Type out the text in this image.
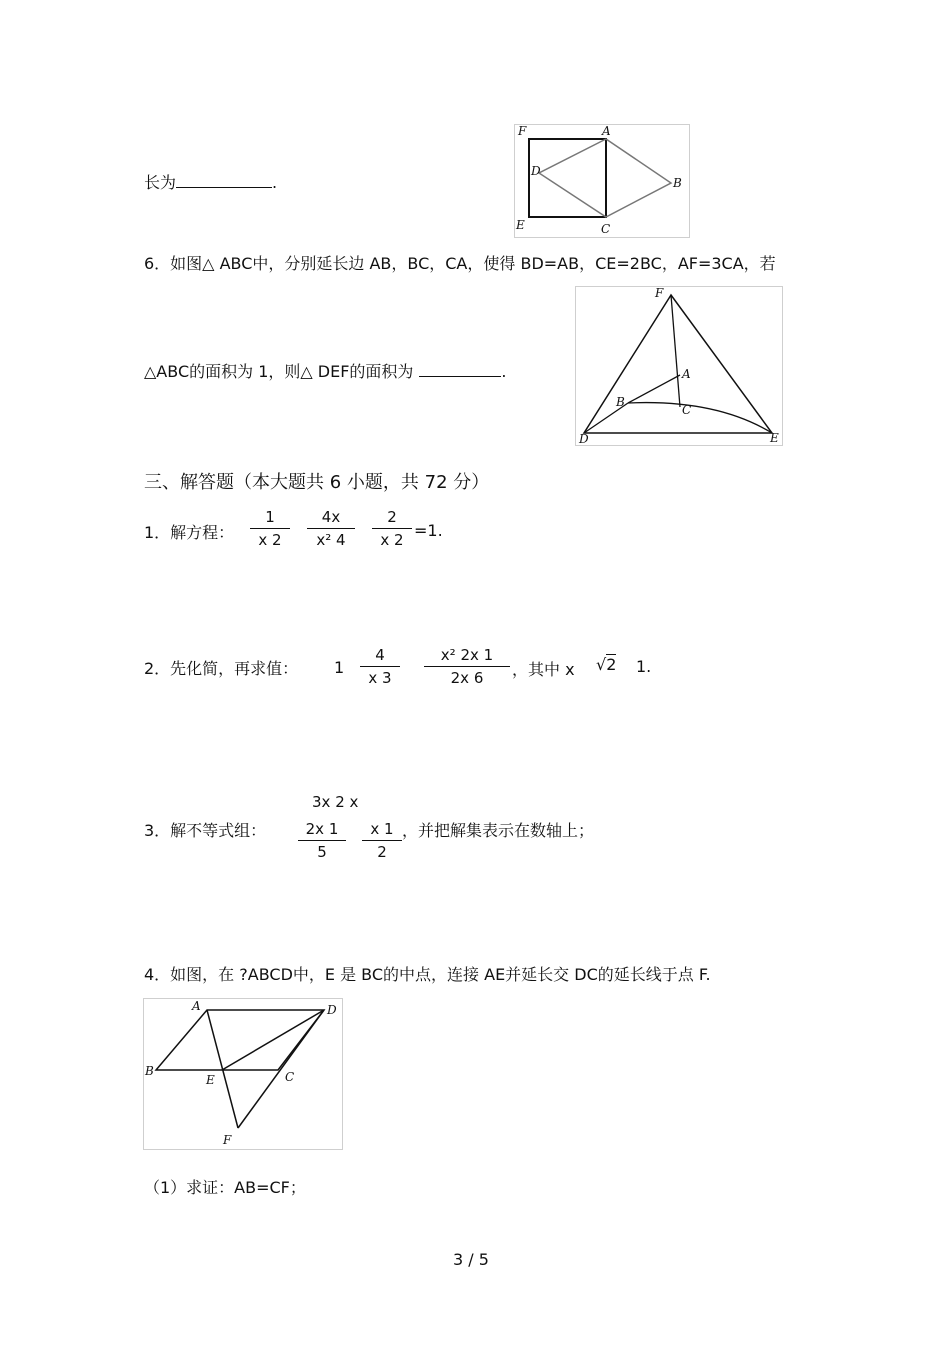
长为	.
F	A
D
B
E	C
6．如图△ ABC中，分别延长边 AB，BC，CA，使得 BD=AB，CE=2BC，AF=3CA，若
△ABC的面积为 1，则△ DEF的面积为	.
F
A
B
C
D	E
三、解答题（本大题共 6 小题，共 72 分）
1．解方程：
1
x 2
4x
x² 4
2
x 2 =1.
2．先化简，再求值： 1
4
x 3
x² 2x 1
2x 6	，其中 x √2 1.
3．解不等式组：
3x 2 x
2x 1
5
x 1
2
，并把解集表示在数轴上；
4．如图，在 ?ABCD中，E 是 BC的中点，连接 AE并延长交 DC的延长线于点 F.
A	D
B
E	C
F
（1）求证：AB=CF；
3 / 5
